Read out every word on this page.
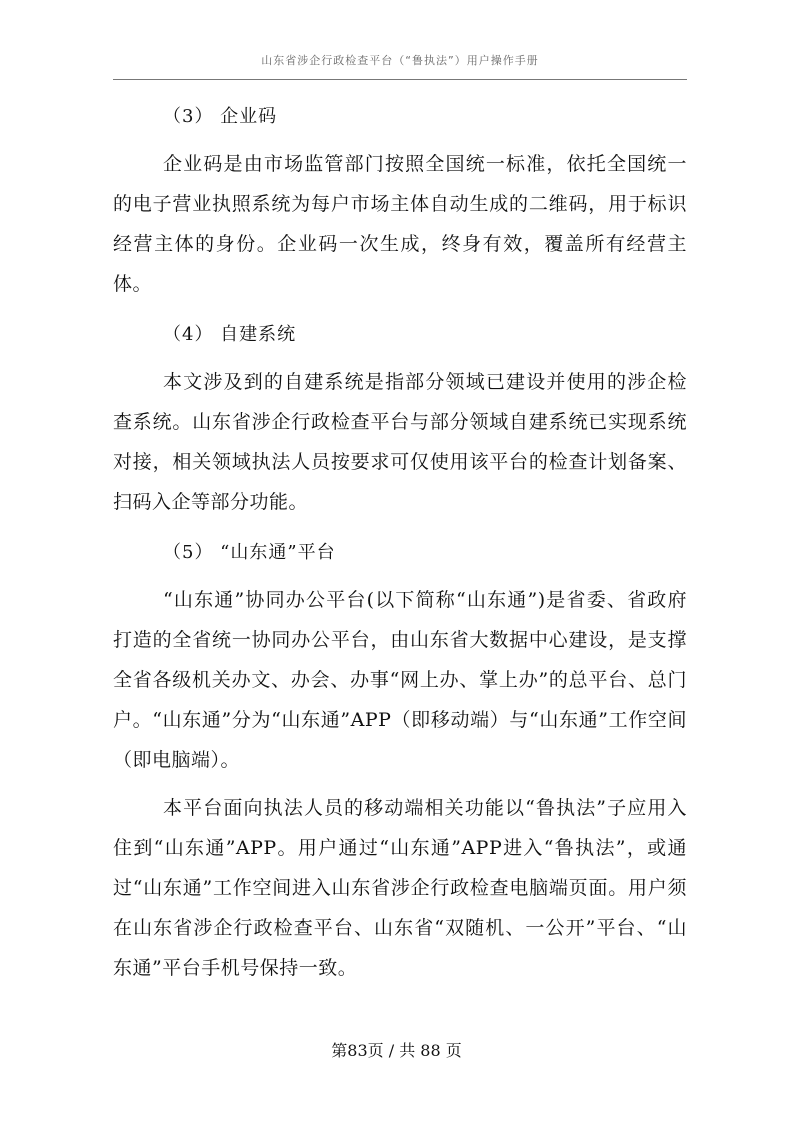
山东省涉企行政检查平台（“鲁执法”）用户操作手册

（3） 企业码

企业码是由市场监管部门按照全国统一标准，依托全国统一的电子营业执照系统为每户市场主体自动生成的二维码，用于标识经营主体的身份。企业码一次生成，终身有效，覆盖所有经营主体。

（4） 自建系统

本文涉及到的自建系统是指部分领域已建设并使用的涉企检查系统。山东省涉企行政检查平台与部分领域自建系统已实现系统对接，相关领域执法人员按要求可仅使用该平台的检查计划备案、扫码入企等部分功能。

（5） “山东通”平台

“山东通”协同办公平台(以下简称“山东通”)是省委、省政府打造的全省统一协同办公平台，由山东省大数据中心建设，是支撑全省各级机关办文、办会、办事“网上办、掌上办”的总平台、总门户。“山东通”分为“山东通”APP（即移动端）与“山东通”工作空间（即电脑端）。

本平台面向执法人员的移动端相关功能以“鲁执法”子应用入住到“山东通”APP。用户通过“山东通”APP进入“鲁执法”，或通过“山东通”工作空间进入山东省涉企行政检查电脑端页面。用户须在山东省涉企行政检查平台、山东省“双随机、一公开”平台、“山东通”平台手机号保持一致。

第83页 / 共 88 页
